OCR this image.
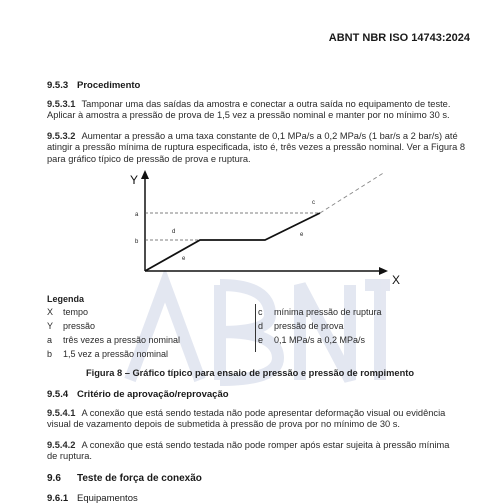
ABNT NBR ISO 14743:2024
9.5.3 Procedimento
9.5.3.1 Tamponar uma das saídas da amostra e conectar a outra saída no equipamento de teste.
Aplicar à amostra a pressão de prova de 1,5 vez a pressão nominal e manter por no mínimo 30 s.
9.5.3.2 Aumentar a pressão a uma taxa constante de 0,1 MPa/s a 0,2 MPa/s (1 bar/s a 2 bar/s) até
atingir a pressão mínima de ruptura especificada, isto é, três vezes a pressão nominal. Ver a Figura 8
para gráfico típico de pressão de prova e ruptura.
Y
X
a
b
c
d
e
e
Legenda
X tempo
Y pressão
a três vezes a pressão nominal
b 1,5 vez a pressão nominal
c mínima pressão de ruptura
d pressão de prova
e 0,1 MPa/s a 0,2 MPa/s
Figura 8 – Gráfico típico para ensaio de pressão e pressão de rompimento
9.5.4 Critério de aprovação/reprovação
9.5.4.1 A conexão que está sendo testada não pode apresentar deformação visual ou evidência
visual de vazamento depois de submetida à pressão de prova por no mínimo de 30 s.
9.5.4.2 A conexão que está sendo testada não pode romper após estar sujeita à pressão mínima
de ruptura.
9.6 Teste de força de conexão
9.6.1 Equipamentos
